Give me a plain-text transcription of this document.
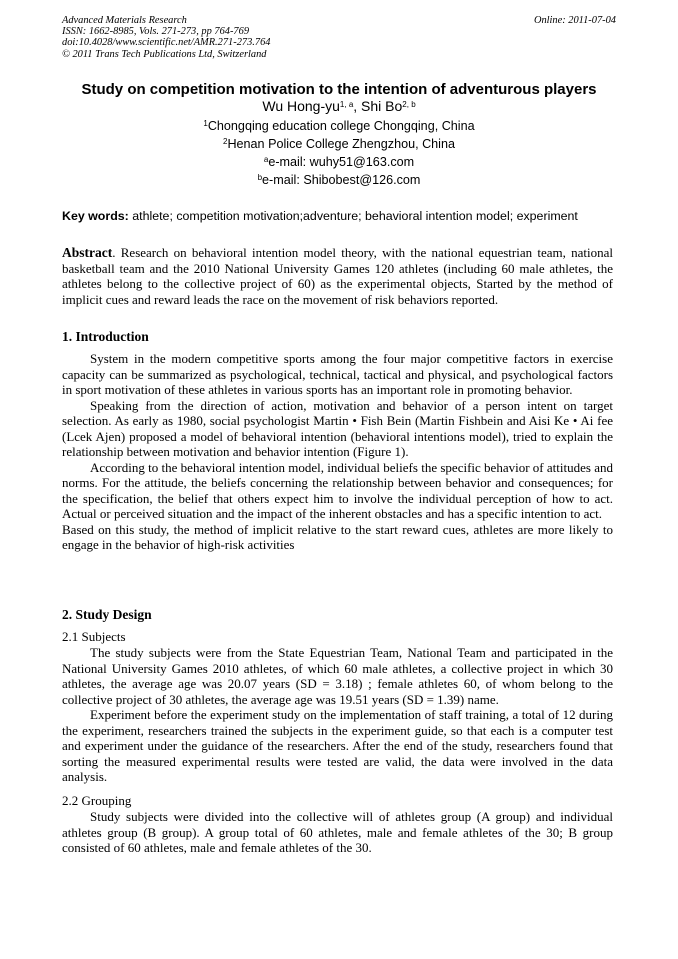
Advanced Materials Research
ISSN: 1662-8985, Vols. 271-273, pp 764-769
doi:10.4028/www.scientific.net/AMR.271-273.764
© 2011 Trans Tech Publications Ltd, Switzerland
Online: 2011-07-04
Study on competition motivation to the intention of adventurous players
Wu Hong-yu$^{1, a}$, Shi Bo$^{2, b}$
$^1$Chongqing education college Chongqing, China
$^2$Henan Police College Zhengzhou, China
$^a$e-mail: wuhy51@163.com
$^b$e-mail: Shibobest@126.com
Key words: athlete; competition motivation;adventure; behavioral intention model; experiment

Abstract. Research on behavioral intention model theory, with the national equestrian team, national basketball team and the 2010 National University Games 120 athletes (including 60 male athletes, the athletes belong to the collective project of 60) as the experimental objects, Started by the method of implicit cues and reward leads the race on the movement of risk behaviors reported.

1. Introduction

System in the modern competitive sports among the four major competitive factors in exercise capacity can be summarized as psychological, technical, tactical and physical, and psychological factors in sport motivation of these athletes in various sports has an important role in promoting behavior.

Speaking from the direction of action, motivation and behavior of a person intent on target selection. As early as 1980, social psychologist Martin • Fish Bein (Martin Fishbein and Aisi Ke • Ai fee (Lcek Ajen) proposed a model of behavioral intention (behavioral intentions model), tried to explain the relationship between motivation and behavior intention (Figure 1).

According to the behavioral intention model, individual beliefs the specific behavior of attitudes and norms. For the attitude, the beliefs concerning the relationship between behavior and consequences; for the specification, the belief that others expect him to involve the individual perception of how to act. Actual or perceived situation and the impact of the inherent obstacles and has a specific intention to act.

Based on this study, the method of implicit relative to the start reward cues, athletes are more likely to engage in the behavior of high-risk activities

2. Study Design
2.1 Subjects

The study subjects were from the State Equestrian Team, National Team and participated in the National University Games 2010 athletes, of which 60 male athletes, a collective project in which 30 athletes, the average age was 20.07 years (SD = 3.18) ; female athletes 60, of whom belong to the collective project of 30 athletes, the average age was 19.51 years (SD = 1.39) name.

Experiment before the experiment study on the implementation of staff training, a total of 12 during the experiment, researchers trained the subjects in the experiment guide, so that each is a computer test and experiment under the guidance of the researchers. After the end of the study, researchers found that sorting the measured experimental results were tested are valid, the data were involved in the data analysis.

2.2 Grouping

Study subjects were divided into the collective will of athletes group (A group) and individual athletes group (B group). A group total of 60 athletes, male and female athletes of the 30; B group consisted of 60 athletes, male and female athletes of the 30.
